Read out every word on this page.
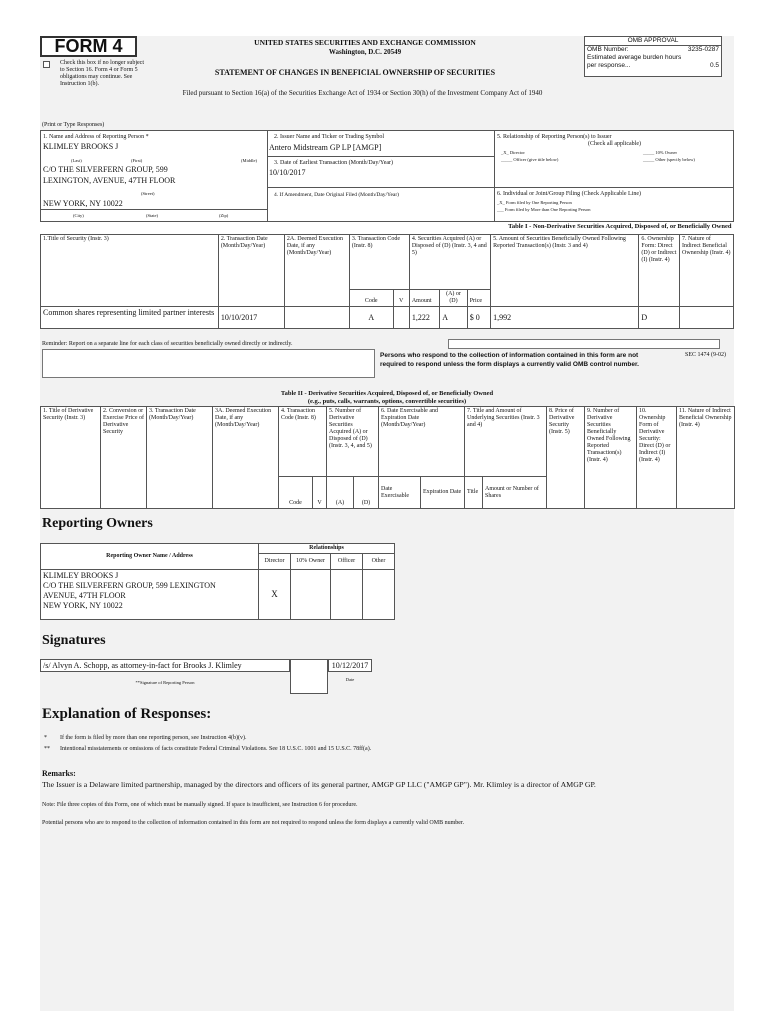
FORM 4
Check this box if no longer subject to Section 16. Form 4 or Form 5 obligations may continue. See Instruction 1(b).
UNITED STATES SECURITIES AND EXCHANGE COMMISSION
Washington, D.C. 20549
STATEMENT OF CHANGES IN BENEFICIAL OWNERSHIP OF SECURITIES
Filed pursuant to Section 16(a) of the Securities Exchange Act of 1934 or Section 30(h) of the Investment Company Act of 1940
OMB APPROVAL
OMB Number:	3235-0287
Estimated average burden hours
per response...	0.5
(Print or Type Responses)
1. Name and Address of Reporting Person *
KLIMLEY BROOKS J
(Last)	(First)	(Middle)
C/O THE SILVERFERN GROUP, 599
LEXINGTON, AVENUE, 47TH FLOOR
(Street)
NEW YORK, NY 10022
(City)	(State)	(Zip)
2. Issuer Name and Ticker or Trading Symbol
Antero Midstream GP LP [AMGP]
3. Date of Earliest Transaction (Month/Day/Year)
10/10/2017
4. If Amendment, Date Original Filed (Month/Day/Year)
5. Relationship of Reporting Person(s) to Issuer
(Check all applicable)
_X_ Director	_____ 10% Owner
_____ Officer (give title below)	_____ Other (specify below)
6. Individual or Joint/Group Filing (Check Applicable Line)
_X_ Form filed by One Reporting Person
___ Form filed by More than One Reporting Person
								Table I - Non-Derivative Securities Acquired, Disposed of, or Beneficially Owned		
1.Title of Security (Instr. 3)	2. Transaction Date (Month/Day/Year)	2A. Deemed Execution Date, if any (Month/Day/Year)	3. Transaction Code (Instr. 8)		4. Securities Acquired (A) or Disposed of (D) (Instr. 3, 4 and 5)			5. Amount of Securities Beneficially Owned Following Reported Transaction(s) (Instr. 3 and 4)	6. Ownership Form: Direct (D) or Indirect (I) (Instr. 4)	7. Nature of Indirect Beneficial Ownership (Instr. 4)
			Code	V	Amount	(A) or (D)	Price			
Common shares representing limited partner interests	10/10/2017		A		1,222	A	$ 0	1,992	D	
Reminder: Report on a separate line for each class of securities beneficially owned directly or indirectly.
Persons who respond to the collection of information contained in this form are not required to respond unless the form displays a currently valid OMB control number.
SEC 1474 (9-02)
Table II - Derivative Securities Acquired, Disposed of, or Beneficially Owned
(e.g., puts, calls, warrants, options, convertible securities)
1. Title of Derivative Security (Instr. 3)	2. Conversion or Exercise Price of Derivative Security	3. Transaction Date (Month/Day/Year)	3A. Deemed Execution Date, if any (Month/Day/Year)	4. Transaction Code (Instr. 8)		5. Number of Derivative Securities Acquired (A) or Disposed of (D) (Instr. 3, 4, and 5)		6. Date Exercisable and Expiration Date (Month/Day/Year)		7. Title and Amount of Underlying Securities (Instr. 3 and 4)		8. Price of Derivative Security (Instr. 5)	9. Number of Derivative Securities Beneficially Owned Following Reported Transaction(s) (Instr. 4)	10. Ownership Form of Derivative Security: Direct (D) or Indirect (I) (Instr. 4)	11. Nature of Indirect Beneficial Ownership (Instr. 4)
				Code	V	(A)	(D)	Date Exercisable	Expiration Date	Title	Amount or Number of Shares				
Reporting Owners
Reporting Owner Name / Address	Relationships			
	Director	10% Owner	Officer	Other

KLIMLEY BROOKS J
C/O THE SILVERFERN GROUP, 599 LEXINGTON
AVENUE, 47TH FLOOR
NEW YORK, NY 10022	X			
Signatures
/s/ Alvyn A. Schopp, as attorney-in-fact for Brooks J. Klimley	10/12/2017
**Signature of Reporting Person
Date
Explanation of Responses:
* If the form is filed by more than one reporting person, see Instruction 4(b)(v).
** Intentional misstatements or omissions of facts constitute Federal Criminal Violations. See 18 U.S.C. 1001 and 15 U.S.C. 78ff(a).
Remarks:
The Issuer is a Delaware limited partnership, managed by the directors and officers of its general partner, AMGP GP LLC ("AMGP GP"). Mr. Klimley is a director of AMGP GP.
Note: File three copies of this Form, one of which must be manually signed. If space is insufficient, see Instruction 6 for procedure.
Potential persons who are to respond to the collection of information contained in this form are not required to respond unless the form displays a currently valid OMB number.
